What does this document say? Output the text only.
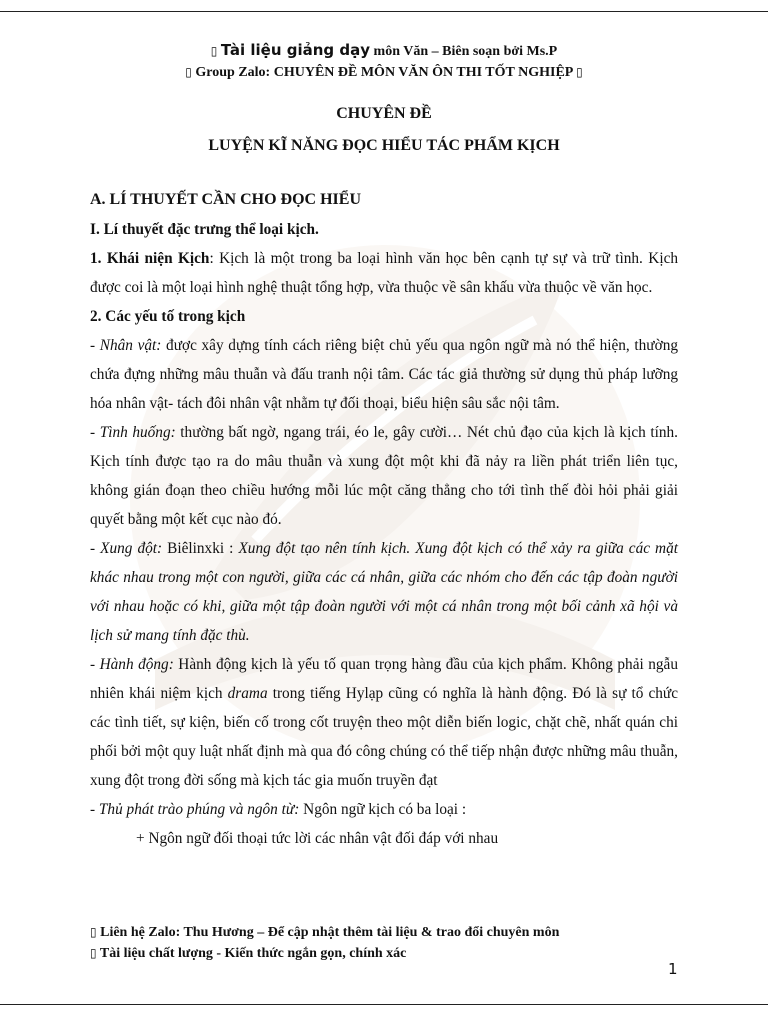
▯ Tài liệu giảng dạy môn Văn – Biên soạn bởi Ms.P
▯ Group Zalo: CHUYÊN ĐỀ MÔN VĂN ÔN THI TỐT NGHIỆP ▯
CHUYÊN ĐỀ
LUYỆN KĨ NĂNG ĐỌC HIỂU TÁC PHẨM KỊCH
A. LÍ THUYẾT CẦN CHO ĐỌC HIỂU

I. Lí thuyết đặc trưng thể loại kịch.

1. Khái niện Kịch: Kịch là một trong ba loại hình văn học bên cạnh tự sự và trữ tình. Kịch được coi là một loại hình nghệ thuật tổng hợp, vừa thuộc về sân khấu vừa thuộc về văn học.

2. Các yếu tố trong kịch

- Nhân vật: được xây dựng tính cách riêng biệt chủ yếu qua ngôn ngữ mà nó thể hiện, thường chứa đựng những mâu thuẫn và đấu tranh nội tâm. Các tác giả thường sử dụng thủ pháp lưỡng hóa nhân vật- tách đôi nhân vật nhằm tự đối thoại, biểu hiện sâu sắc nội tâm.

- Tình huống: thường bất ngờ, ngang trái, éo le, gây cười… Nét chủ đạo của kịch là kịch tính. Kịch tính được tạo ra do mâu thuẫn và xung đột một khi đã nảy ra liền phát triển liên tục, không gián đoạn theo chiều hướng mỗi lúc một căng thẳng cho tới tình thế đòi hỏi phải giải quyết bằng một kết cục nào đó.

- Xung đột: Biêlinxki : Xung đột tạo nên tính kịch. Xung đột kịch có thể xảy ra giữa các mặt khác nhau trong một con người, giữa các cá nhân, giữa các nhóm cho đến các tập đoàn người với nhau hoặc có khi, giữa một tập đoàn người với một cá nhân trong một bối cảnh xã hội và lịch sử mang tính đặc thù.

- Hành động: Hành động kịch là yếu tố quan trọng hàng đầu của kịch phẩm. Không phải ngẫu nhiên khái niệm kịch drama trong tiếng Hylạp cũng có nghĩa là hành động. Đó là sự tổ chức các tình tiết, sự kiện, biến cố trong cốt truyện theo một diễn biến logic, chặt chẽ, nhất quán chi phối bởi một quy luật nhất định mà qua đó công chúng có thể tiếp nhận được những mâu thuẫn, xung đột trong đời sống mà kịch tác gia muốn truyền đạt

- Thủ phát trào phúng và ngôn từ: Ngôn ngữ kịch có ba loại :

+ Ngôn ngữ đối thoại tức lời các nhân vật đối đáp với nhau

▯ Liên hệ Zalo: Thu Hương – Để cập nhật thêm tài liệu & trao đổi chuyên môn
▯ Tài liệu chất lượng - Kiến thức ngắn gọn, chính xác
1
